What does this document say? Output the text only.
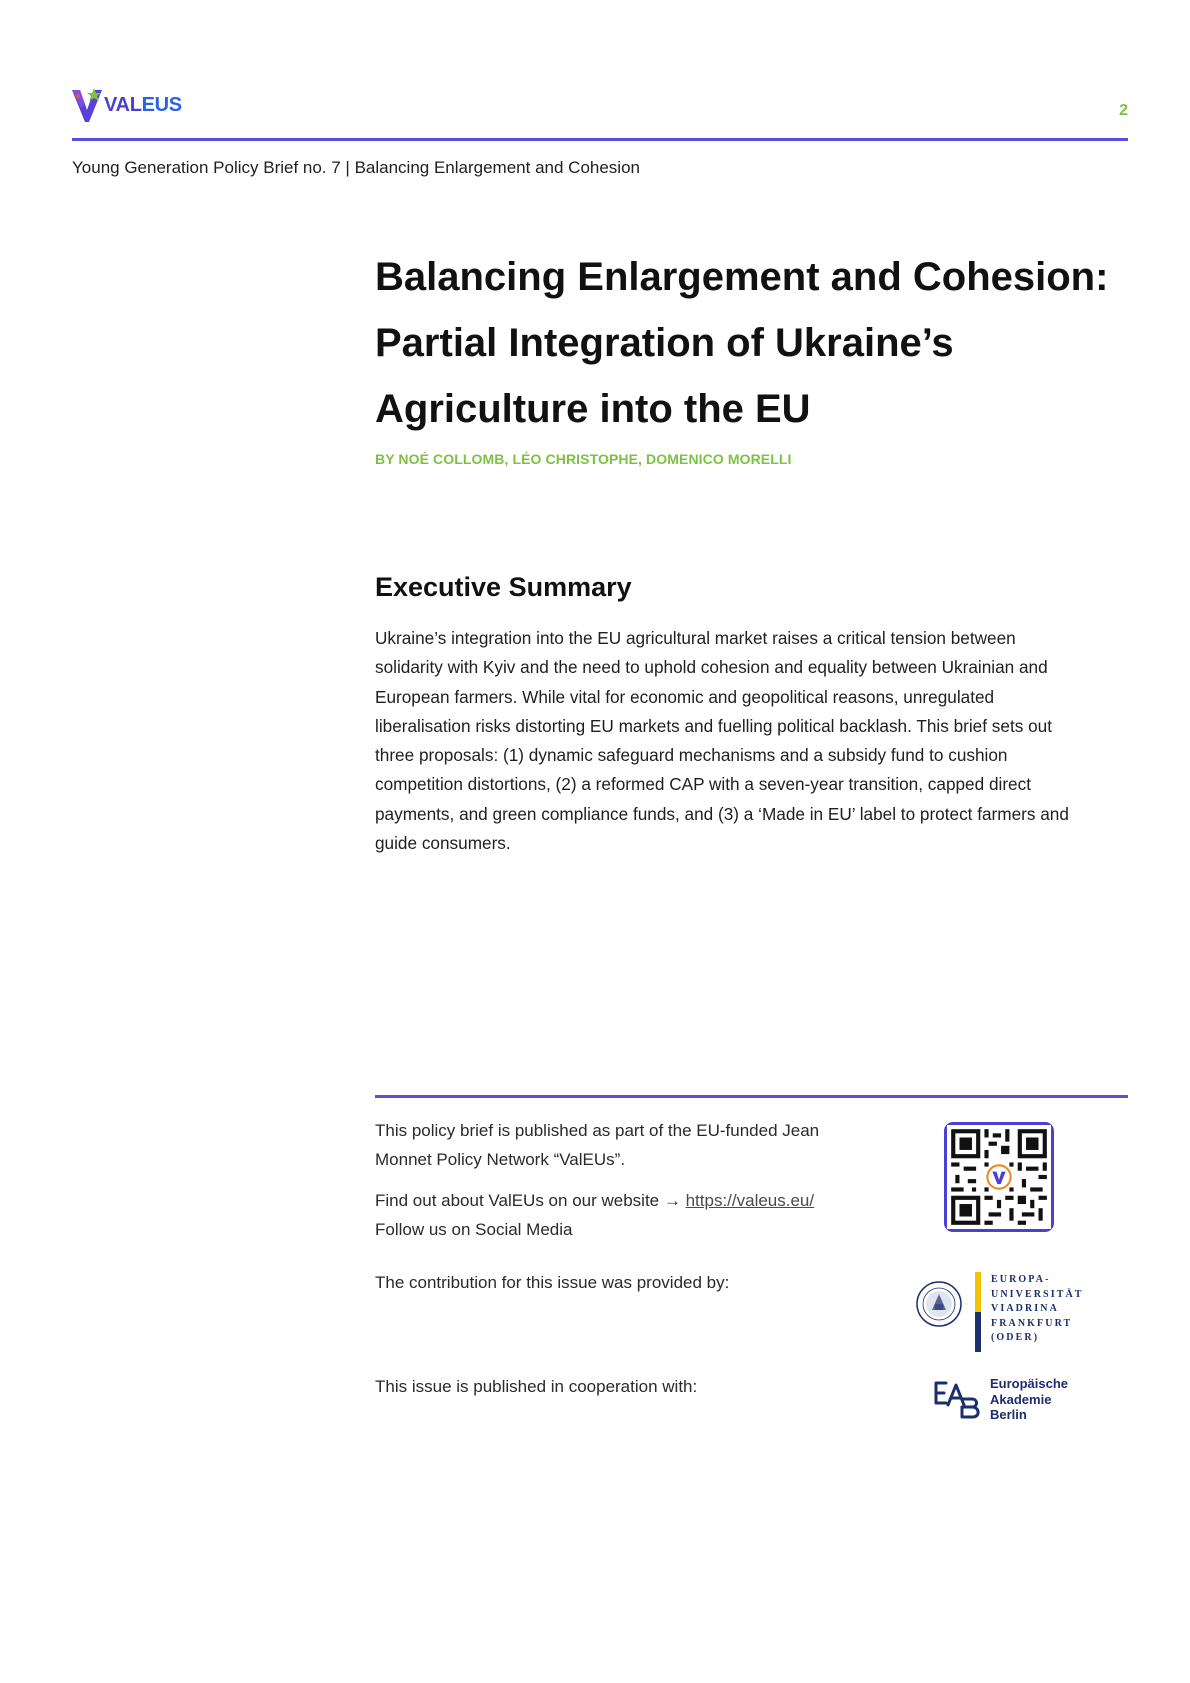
VALEUS	2
Young Generation Policy Brief no. 7 | Balancing Enlargement and Cohesion
Balancing Enlargement and Cohesion:
Partial Integration of Ukraine’s
Agriculture into the EU
BY NOÉ COLLOMB, LÉO CHRISTOPHE, DOMENICO MORELLI
Executive Summary

Ukraine’s integration into the EU agricultural market raises a critical tension between
solidarity with Kyiv and the need to uphold cohesion and equality between Ukrainian and
European farmers. While vital for economic and geopolitical reasons, unregulated
liberalisation risks distorting EU markets and fuelling political backlash. This brief sets out
three proposals: (1) dynamic safeguard mechanisms and a subsidy fund to cushion
competition distortions, (2) a reformed CAP with a seven-year transition, capped direct
payments, and green compliance funds, and (3) a ‘Made in EU’ label to protect farmers and
guide consumers.

This policy brief is published as part of the EU-funded Jean
Monnet Policy Network “ValEUs”.

Find out about ValEUs on our website → https://valeus.eu/
Follow us on Social Media

The contribution for this issue was provided by:

This issue is published in cooperation with:

EUROPA-
UNIVERSITÄT
VIADRINA
FRANKFURT
(ODER)
Europäische
Akademie
Berlin
